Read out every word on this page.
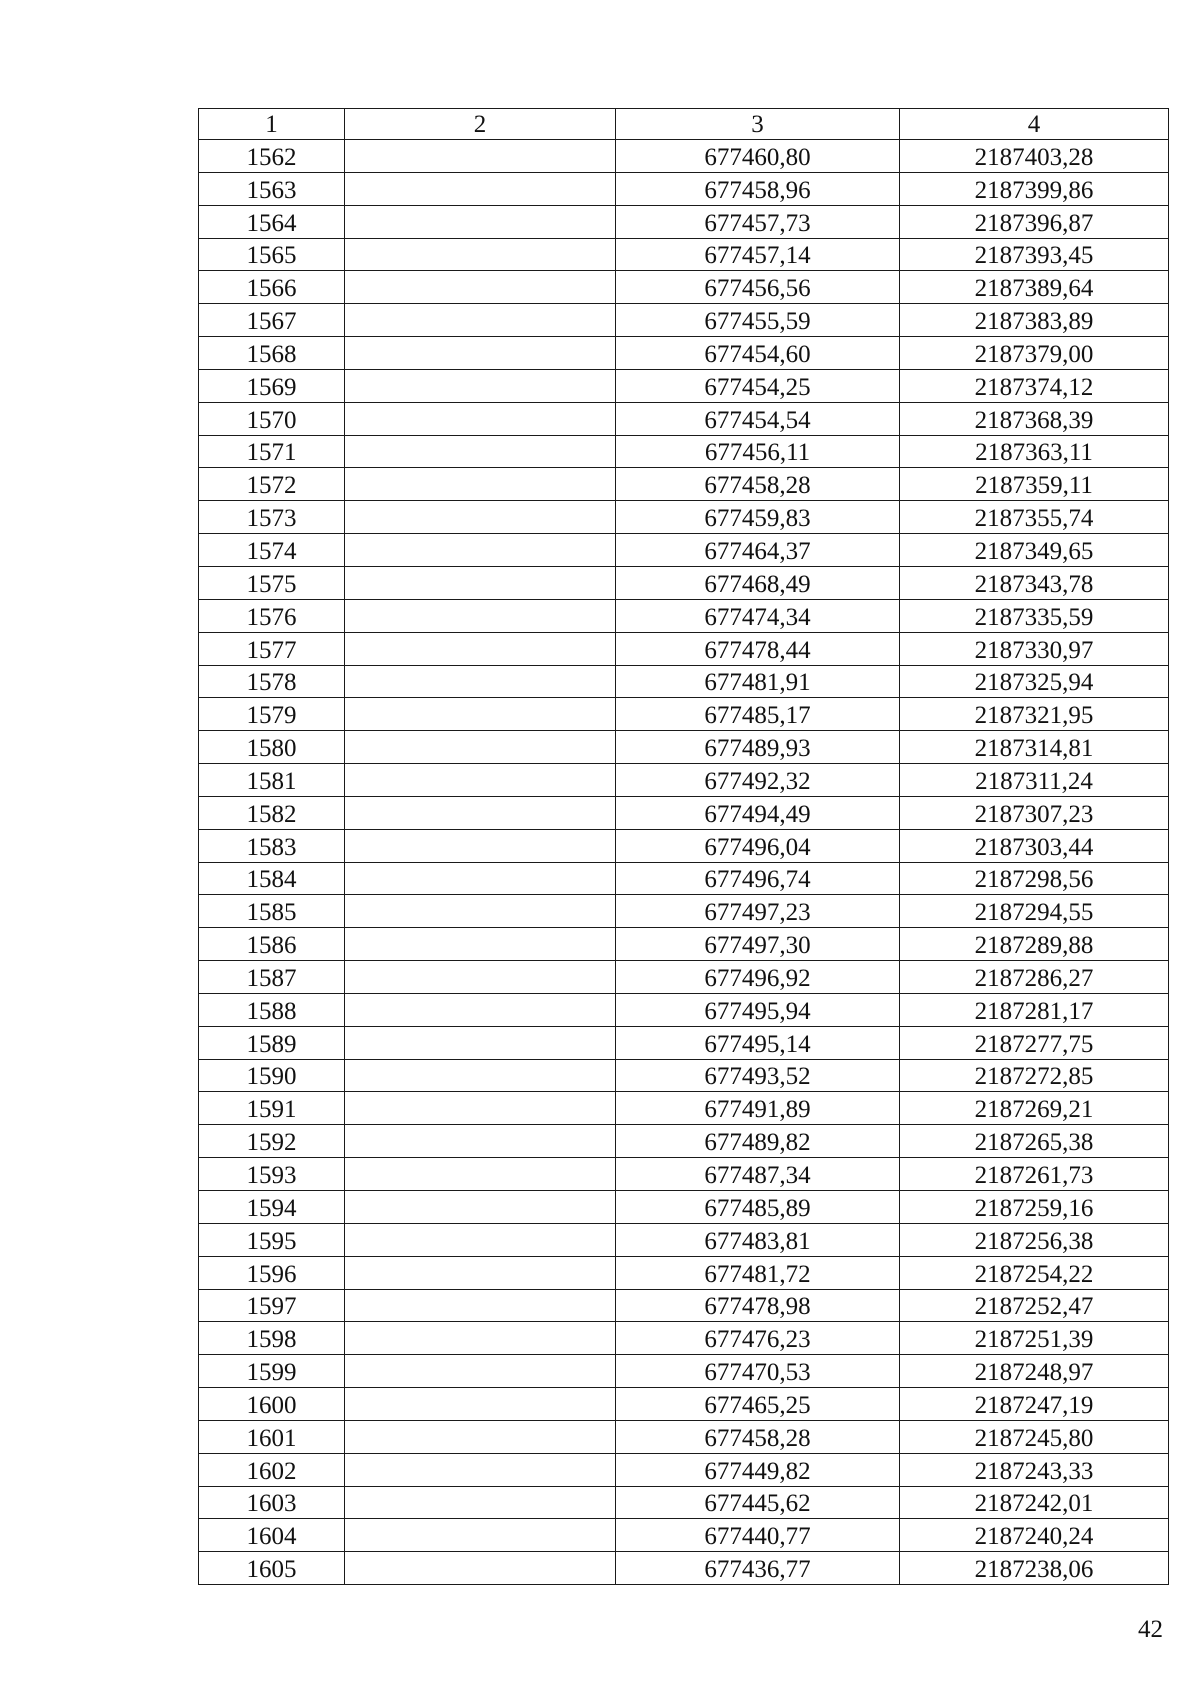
1	2	3	4
1562		677460,80	2187403,28
1563		677458,96	2187399,86
1564		677457,73	2187396,87
1565		677457,14	2187393,45
1566		677456,56	2187389,64
1567		677455,59	2187383,89
1568		677454,60	2187379,00
1569		677454,25	2187374,12
1570		677454,54	2187368,39
1571		677456,11	2187363,11
1572		677458,28	2187359,11
1573		677459,83	2187355,74
1574		677464,37	2187349,65
1575		677468,49	2187343,78
1576		677474,34	2187335,59
1577		677478,44	2187330,97
1578		677481,91	2187325,94
1579		677485,17	2187321,95
1580		677489,93	2187314,81
1581		677492,32	2187311,24
1582		677494,49	2187307,23
1583		677496,04	2187303,44
1584		677496,74	2187298,56
1585		677497,23	2187294,55
1586		677497,30	2187289,88
1587		677496,92	2187286,27
1588		677495,94	2187281,17
1589		677495,14	2187277,75
1590		677493,52	2187272,85
1591		677491,89	2187269,21
1592		677489,82	2187265,38
1593		677487,34	2187261,73
1594		677485,89	2187259,16
1595		677483,81	2187256,38
1596		677481,72	2187254,22
1597		677478,98	2187252,47
1598		677476,23	2187251,39
1599		677470,53	2187248,97
1600		677465,25	2187247,19
1601		677458,28	2187245,80
1602		677449,82	2187243,33
1603		677445,62	2187242,01
1604		677440,77	2187240,24
1605		677436,77	2187238,06
42
